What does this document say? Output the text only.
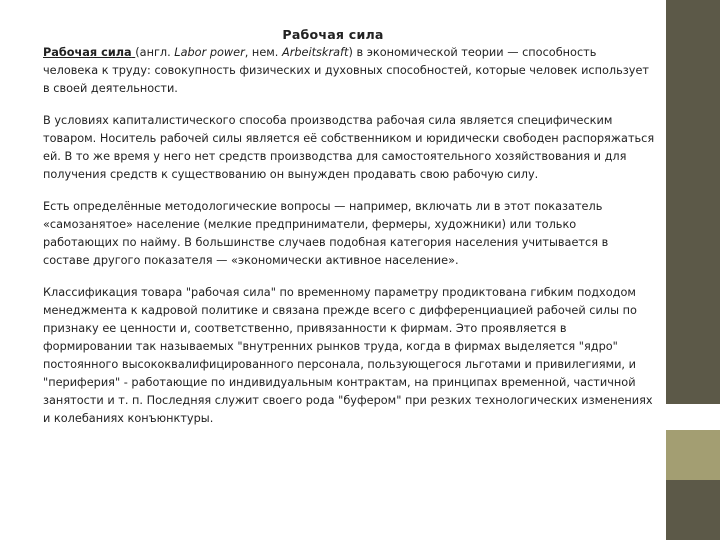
Рабочая сила

Рабочая сила (англ. Labor power, нем. Arbeitskraft) в экономической теории — способность человека к труду: совокупность физических и духовных способностей, которые человек использует в своей деятельности.

В условиях капиталистического способа производства рабочая сила является специфическим товаром. Носитель рабочей силы является её собственником и юридически свободен распоряжаться ей. В то же время у него нет средств производства для самостоятельного хозяйствования и для получения средств к существованию он вынужден продавать свою рабочую силу.

Есть определённые методологические вопросы — например, включать ли в этот показатель «самозанятое» население (мелкие предприниматели, фермеры, художники) или только работающих по найму. В большинстве случаев подобная категория населения учитывается в составе другого показателя — «экономически активное население».

Классификация товара "рабочая сила" по временному параметру продиктована гибким подходом менеджмента к кадровой политике и связана прежде всего с дифференциацией рабочей силы по признаку ее ценности и, соответственно, привязанности к фирмам. Это проявляется в формировании так называемых "внутренних рынков труда, когда в фирмах выделяется "ядро" постоянного высококвалифицированного персонала, пользующегося льготами и привилегиями, и "периферия" - работающие по индивидуальным контрактам, на принципах временной, частичной занятости и т. п. Последняя служит своего рода "буфером" при резких технологических изменениях и колебаниях конъюнктуры.
